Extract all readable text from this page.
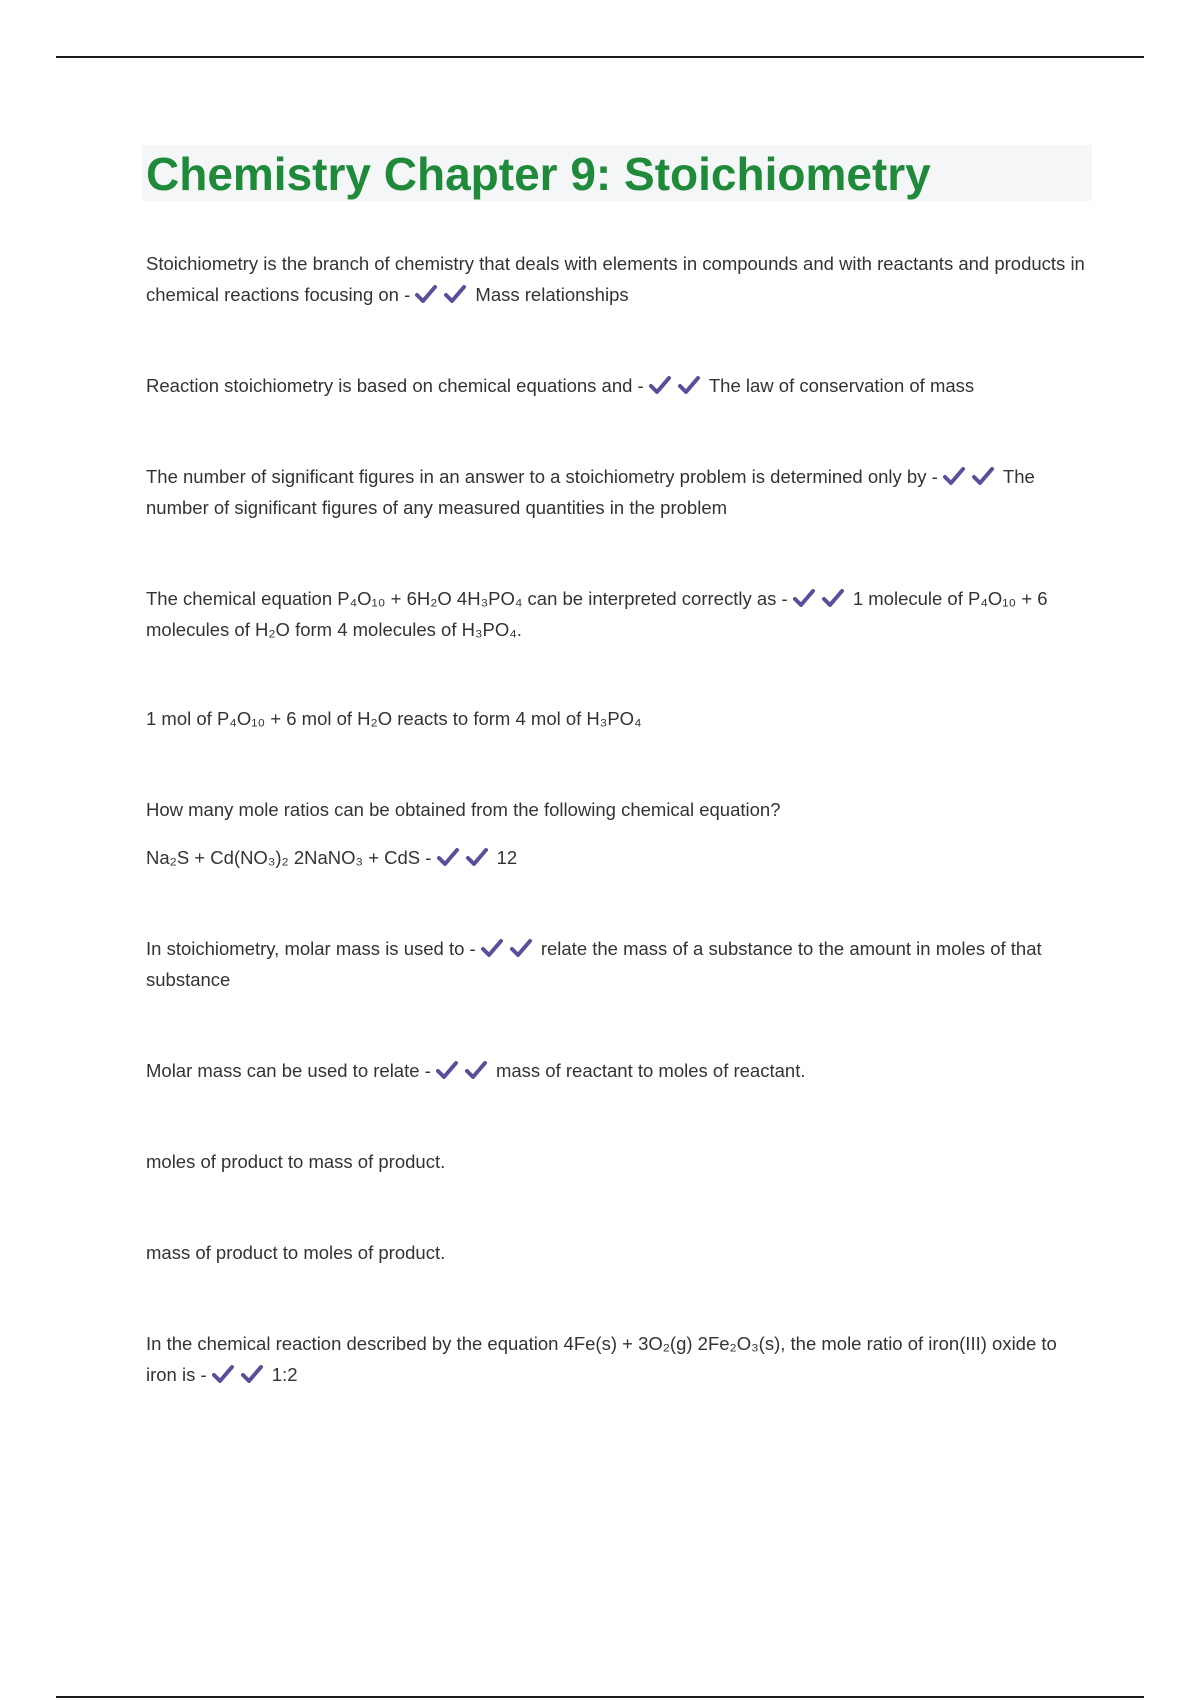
Chemistry Chapter 9: Stoichiometry

Stoichiometry is the branch of chemistry that deals with elements in compounds and with reactants and products in chemical reactions focusing on -	Mass relationships

Reaction stoichiometry is based on chemical equations and -	The law of conservation of mass

The number of significant figures in an answer to a stoichiometry problem is determined only by -	The number of significant figures of any measured quantities in the problem

The chemical equation P₄O₁₀ + 6H₂O 4H₃PO₄ can be interpreted correctly as -	1 molecule of P₄O₁₀ + 6 molecules of H₂O form 4 molecules of H₃PO₄.

1 mol of P₄O₁₀ + 6 mol of H₂O reacts to form 4 mol of H₃PO₄

How many mole ratios can be obtained from the following chemical equation?

Na₂S + Cd(NO₃)₂ 2NaNO₃ + CdS -	12

In stoichiometry, molar mass is used to -	relate the mass of a substance to the amount in moles of that substance

Molar mass can be used to relate -	mass of reactant to moles of reactant.

moles of product to mass of product.

mass of product to moles of product.

In the chemical reaction described by the equation 4Fe(s) + 3O₂(g) 2Fe₂O₃(s), the mole ratio of iron(III) oxide to iron is -	1:2
